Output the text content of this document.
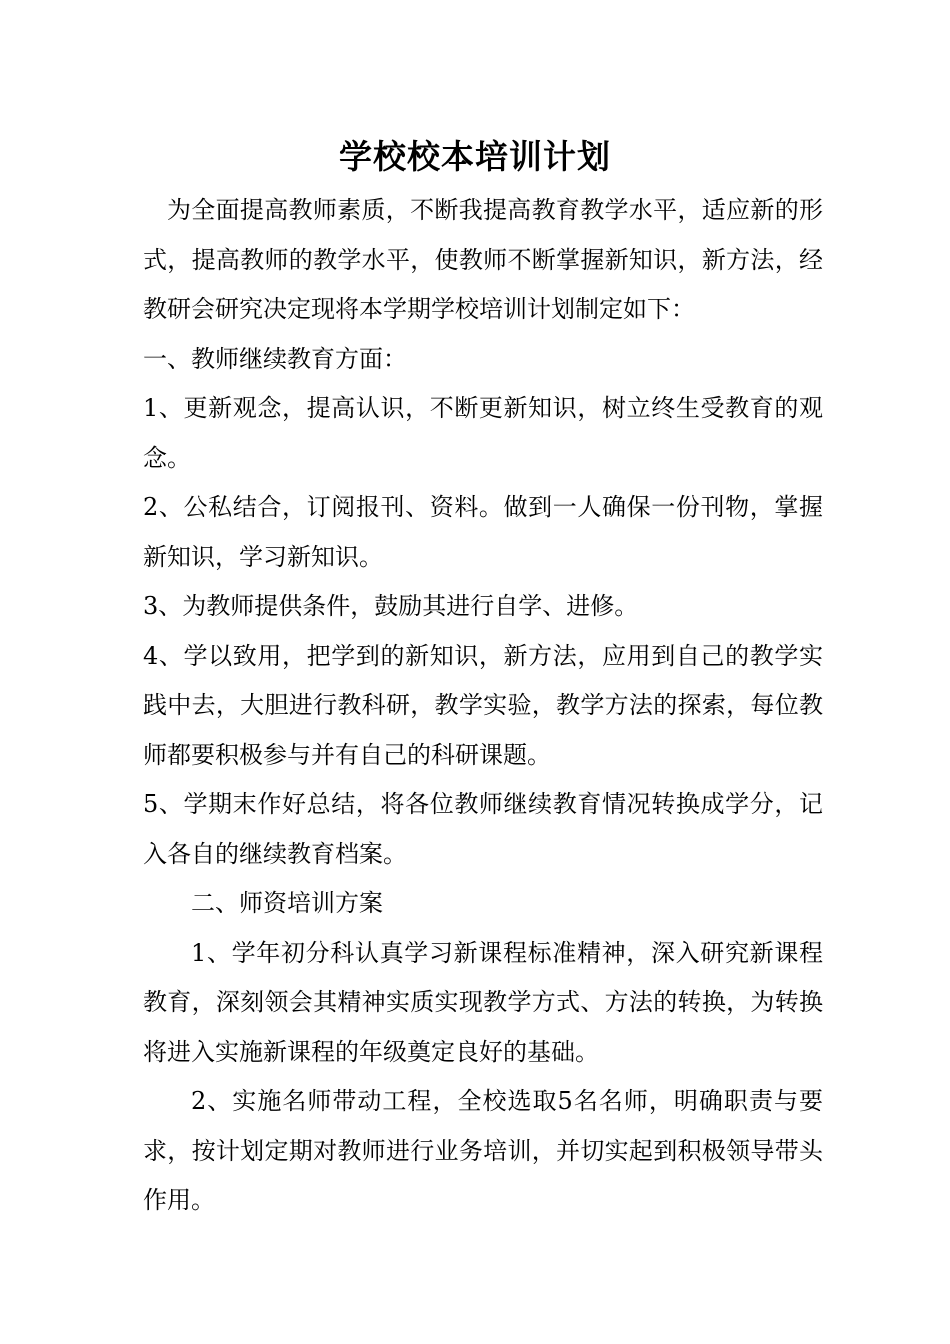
学校校本培训计划

为全面提高教师素质，不断我提高教育教学水平，适应新的形式，提高教师的教学水平，使教师不断掌握新知识，新方法，经教研会研究决定现将本学期学校培训计划制定如下：

一、教师继续教育方面：

1、更新观念，提高认识，不断更新知识，树立终生受教育的观念。

2、公私结合，订阅报刊、资料。做到一人确保一份刊物，掌握新知识，学习新知识。

3、为教师提供条件，鼓励其进行自学、进修。

4、学以致用，把学到的新知识，新方法，应用到自己的教学实践中去，大胆进行教科研，教学实验，教学方法的探索，每位教师都要积极参与并有自己的科研课题。

5、学期末作好总结，将各位教师继续教育情况转换成学分，记入各自的继续教育档案。

二、师资培训方案

1、学年初分科认真学习新课程标准精神，深入研究新课程教育，深刻领会其精神实质实现教学方式、方法的转换，为转换将进入实施新课程的年级奠定良好的基础。

2、实施名师带动工程，全校选取5名名师，明确职责与要求，按计划定期对教师进行业务培训，并切实起到积极领导带头作用。
